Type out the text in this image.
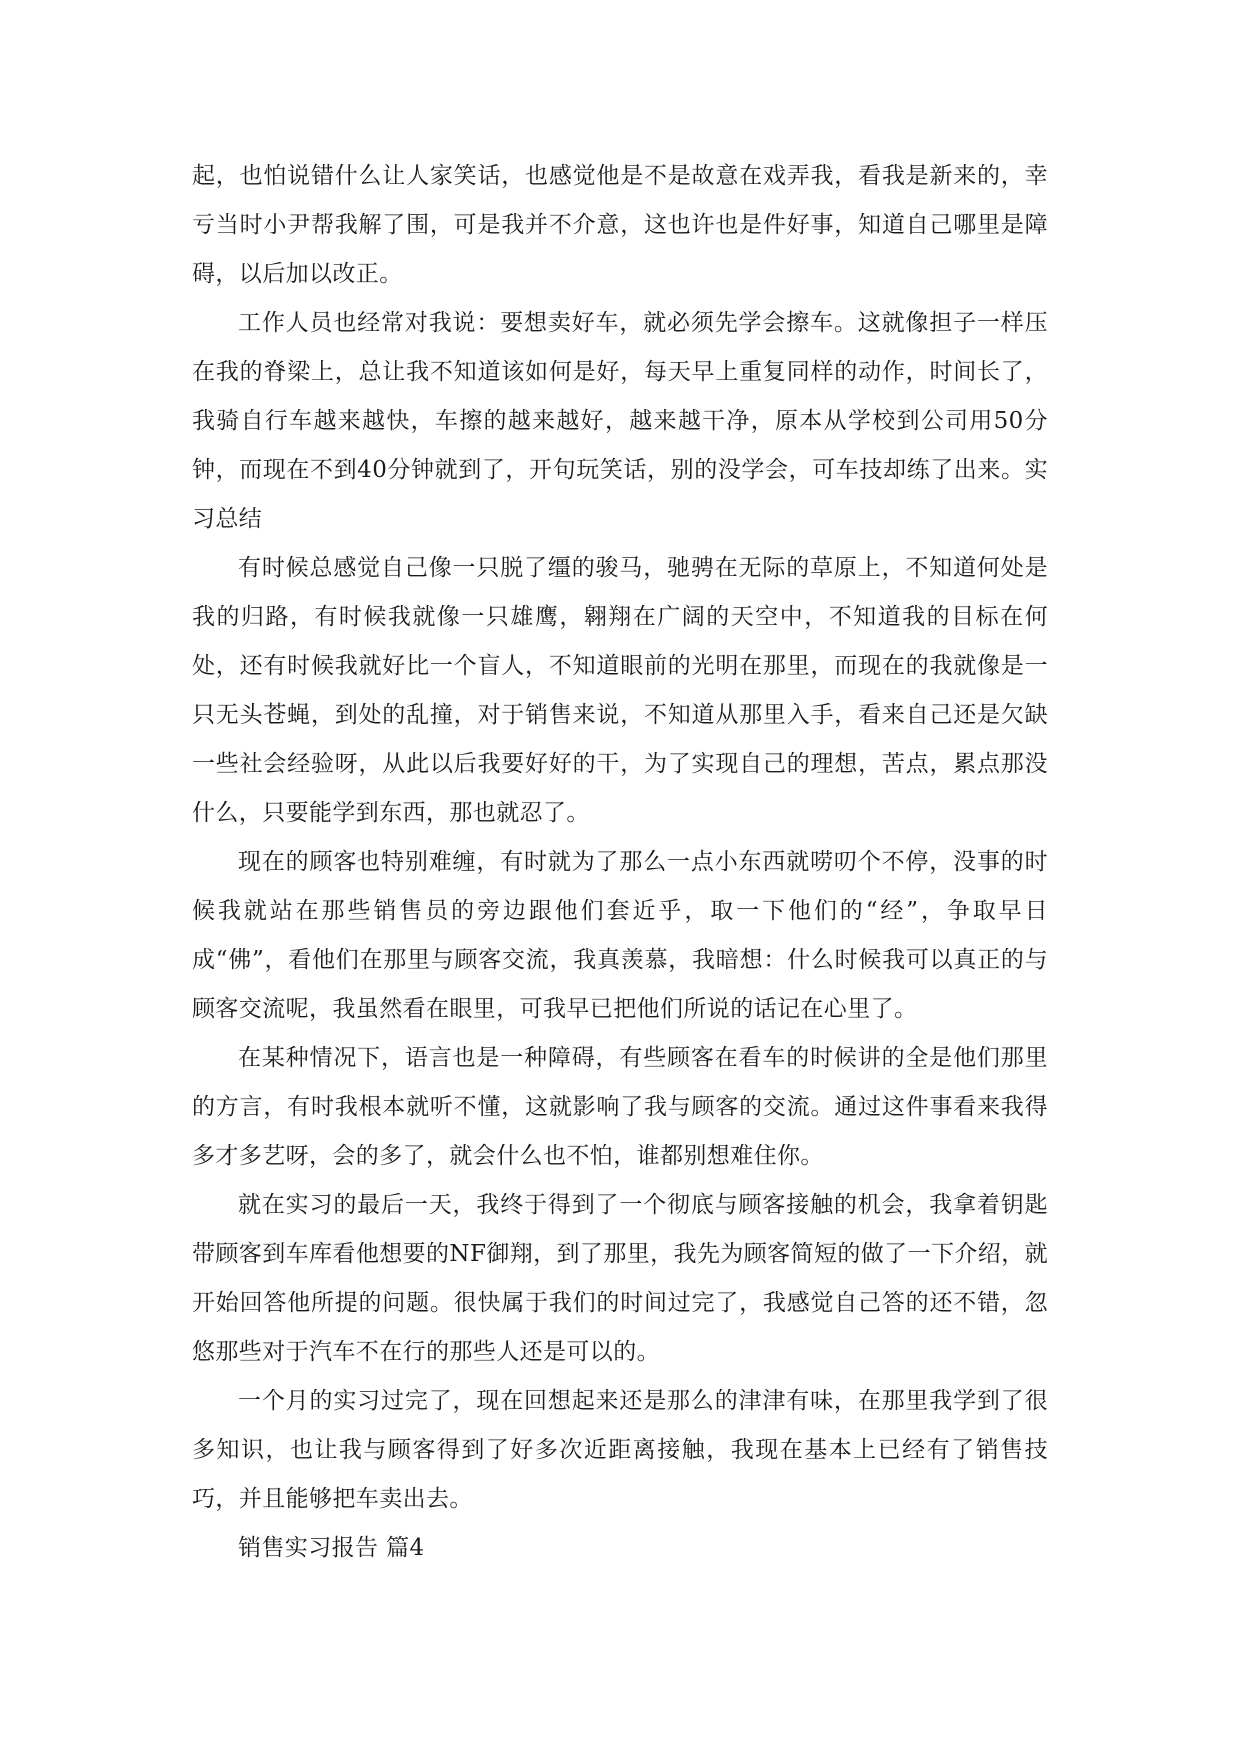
起，也怕说错什么让人家笑话，也感觉他是不是故意在戏弄我，看我是新来的，幸亏当时小尹帮我解了围，可是我并不介意，这也许也是件好事，知道自己哪里是障碍，以后加以改正。

工作人员也经常对我说：要想卖好车，就必须先学会擦车。这就像担子一样压在我的脊梁上，总让我不知道该如何是好，每天早上重复同样的动作，时间长了，我骑自行车越来越快，车擦的越来越好，越来越干净，原本从学校到公司用50分钟，而现在不到40分钟就到了，开句玩笑话，别的没学会，可车技却练了出来。实习总结

有时候总感觉自己像一只脱了缰的骏马，驰骋在无际的草原上，不知道何处是我的归路，有时候我就像一只雄鹰，翱翔在广阔的天空中，不知道我的目标在何处，还有时候我就好比一个盲人，不知道眼前的光明在那里，而现在的我就像是一只无头苍蝇，到处的乱撞，对于销售来说，不知道从那里入手，看来自己还是欠缺一些社会经验呀，从此以后我要好好的干，为了实现自己的理想，苦点，累点那没什么，只要能学到东西，那也就忍了。

现在的顾客也特别难缠，有时就为了那么一点小东西就唠叨个不停，没事的时候我就站在那些销售员的旁边跟他们套近乎，取一下他们的“经”，争取早日成“佛”，看他们在那里与顾客交流，我真羡慕，我暗想：什么时候我可以真正的与顾客交流呢，我虽然看在眼里，可我早已把他们所说的话记在心里了。

在某种情况下，语言也是一种障碍，有些顾客在看车的时候讲的全是他们那里的方言，有时我根本就听不懂，这就影响了我与顾客的交流。通过这件事看来我得多才多艺呀，会的多了，就会什么也不怕，谁都别想难住你。

就在实习的最后一天，我终于得到了一个彻底与顾客接触的机会，我拿着钥匙带顾客到车库看他想要的NF御翔，到了那里，我先为顾客简短的做了一下介绍，就开始回答他所提的问题。很快属于我们的时间过完了，我感觉自己答的还不错，忽悠那些对于汽车不在行的那些人还是可以的。

一个月的实习过完了，现在回想起来还是那么的津津有味，在那里我学到了很多知识，也让我与顾客得到了好多次近距离接触，我现在基本上已经有了销售技巧，并且能够把车卖出去。

销售实习报告 篇4
